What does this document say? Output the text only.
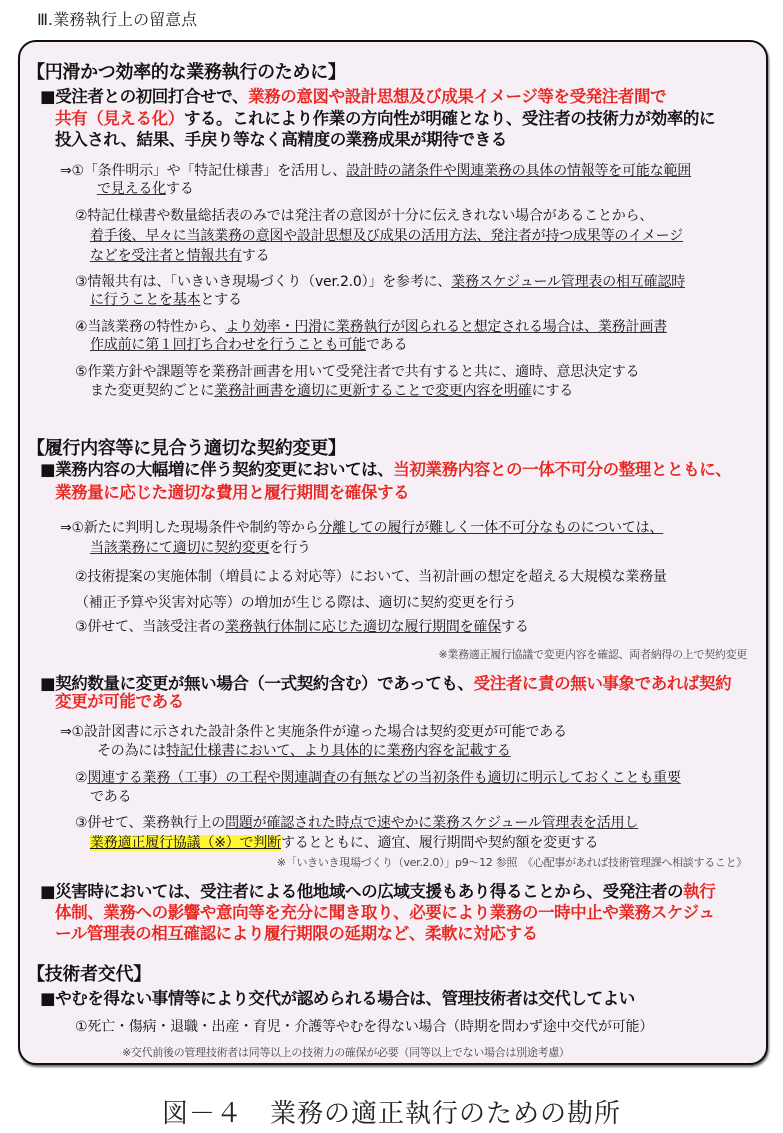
Ⅲ.業務執行上の留意点
【円滑かつ効率的な業務執行のために】
■受注者との初回打合せで、業務の意図や設計思想及び成果イメージ等を受発注者間で
共有（見える化）する。これにより作業の方向性が明確となり、受注者の技術力が効率的に
投入され、結果、手戻り等なく高精度の業務成果が期待できる
⇒①「条件明示」や「特記仕様書」を活用し、設計時の諸条件や関連業務の具体の情報等を可能な範囲
で見える化する
②特記仕様書や数量総括表のみでは発注者の意図が十分に伝えきれない場合があることから、
着手後、早々に当該業務の意図や設計思想及び成果の活用方法、発注者が持つ成果等のイメージ
などを受注者と情報共有する
③情報共有は、「いきいき現場づくり（ver.2.0）」を参考に、業務スケジュール管理表の相互確認時
に行うことを基本とする
④当該業務の特性から、より効率・円滑に業務執行が図られると想定される場合は、業務計画書
作成前に第１回打ち合わせを行うことも可能である
⑤作業方針や課題等を業務計画書を用いて受発注者で共有すると共に、適時、意思決定する
また変更契約ごとに業務計画書を適切に更新することで変更内容を明確にする
【履行内容等に見合う適切な契約変更】
■業務内容の大幅増に伴う契約変更においては、当初業務内容との一体不可分の整理とともに、
業務量に応じた適切な費用と履行期間を確保する
⇒①新たに判明した現場条件や制約等から分離しての履行が難しく一体不可分なものについては、
当該業務にて適切に契約変更を行う
②技術提案の実施体制（増員による対応等）において、当初計画の想定を超える大規模な業務量
（補正予算や災害対応等）の増加が生じる際は、適切に契約変更を行う
③併せて、当該受注者の業務執行体制に応じた適切な履行期間を確保する
※業務適正履行協議で変更内容を確認、両者納得の上で契約変更
■契約数量に変更が無い場合（一式契約含む）であっても、受注者に責の無い事象であれば契約
変更が可能である
⇒①設計図書に示された設計条件と実施条件が違った場合は契約変更が可能である
その為には特記仕様書において、より具体的に業務内容を記載する
②関連する業務（工事）の工程や関連調査の有無などの当初条件も適切に明示しておくことも重要
である
③併せて、業務執行上の問題が確認された時点で速やかに業務スケジュール管理表を活用し
業務適正履行協議（※）で判断するとともに、適宜、履行期間や契約額を変更する
※「いきいき現場づくり（ver.2.0）」p9～12 参照　《心配事があれば技術管理課へ相談すること》
■災害時においては、受注者による他地域への広域支援もあり得ることから、受発注者の執行
体制、業務への影響や意向等を充分に聞き取り、必要により業務の一時中止や業務スケジュ
ール管理表の相互確認により履行期限の延期など、柔軟に対応する
【技術者交代】
■やむを得ない事情等により交代が認められる場合は、管理技術者は交代してよい
①死亡・傷病・退職・出産・育児・介護等やむを得ない場合（時期を問わず途中交代が可能）
※交代前後の管理技術者は同等以上の技術力の確保が必要（同等以上でない場合は別途考慮）
図－４　業務の適正執行のための勘所
